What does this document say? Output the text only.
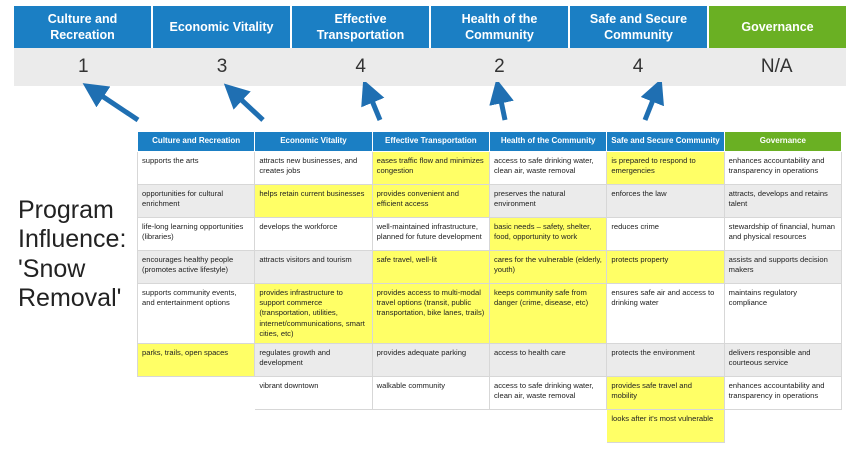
Culture and Recreation
Economic Vitality
Effective Transportation
Health of the Community
Safe and Secure Community
Governance
1	3	4	2	4	N/A
Program
Influence:
'Snow
Removal'
Culture and Recreation	Economic Vitality	Effective Transportation	Health of the Community	Safe and Secure Community	Governance
supports the arts	attracts new businesses, and creates jobs	eases traffic flow and minimizes congestion	access to safe drinking water, clean air, waste removal	is prepared to respond to emergencies	enhances accountability and transparency in operations
opportunities for cultural enrichment	helps retain current businesses	provides convenient and efficient access	preserves the natural environment	enforces the law	attracts, develops and retains talent
life-long learning opportunities (libraries)	develops the workforce	well-maintained infrastructure, planned for future development	basic needs – safety, shelter, food, opportunity to work	reduces crime	stewardship of financial, human and physical resources
encourages healthy people (promotes active lifestyle)	attracts visitors and tourism	safe travel, well-lit	cares for the vulnerable (elderly, youth)	protects property	assists and supports decision makers
supports community events, and entertainment options	provides infrastructure to support commerce (transportation, utilities, internet/communications, smart cities, etc)	provides access to multi-modal travel options (transit, public transportation, bike lanes, trails)	keeps community safe from danger (crime, disease, etc)	ensures safe air and access to drinking water	maintains regulatory compliance
parks, trails, open spaces	regulates growth and development	provides adequate parking	access to health care	protects the environment	delivers responsible and courteous service
	vibrant downtown	walkable community	access to safe drinking water, clean air, waste removal	provides safe travel and mobility	enhances accountability and transparency in operations
				looks after it's most vulnerable	
